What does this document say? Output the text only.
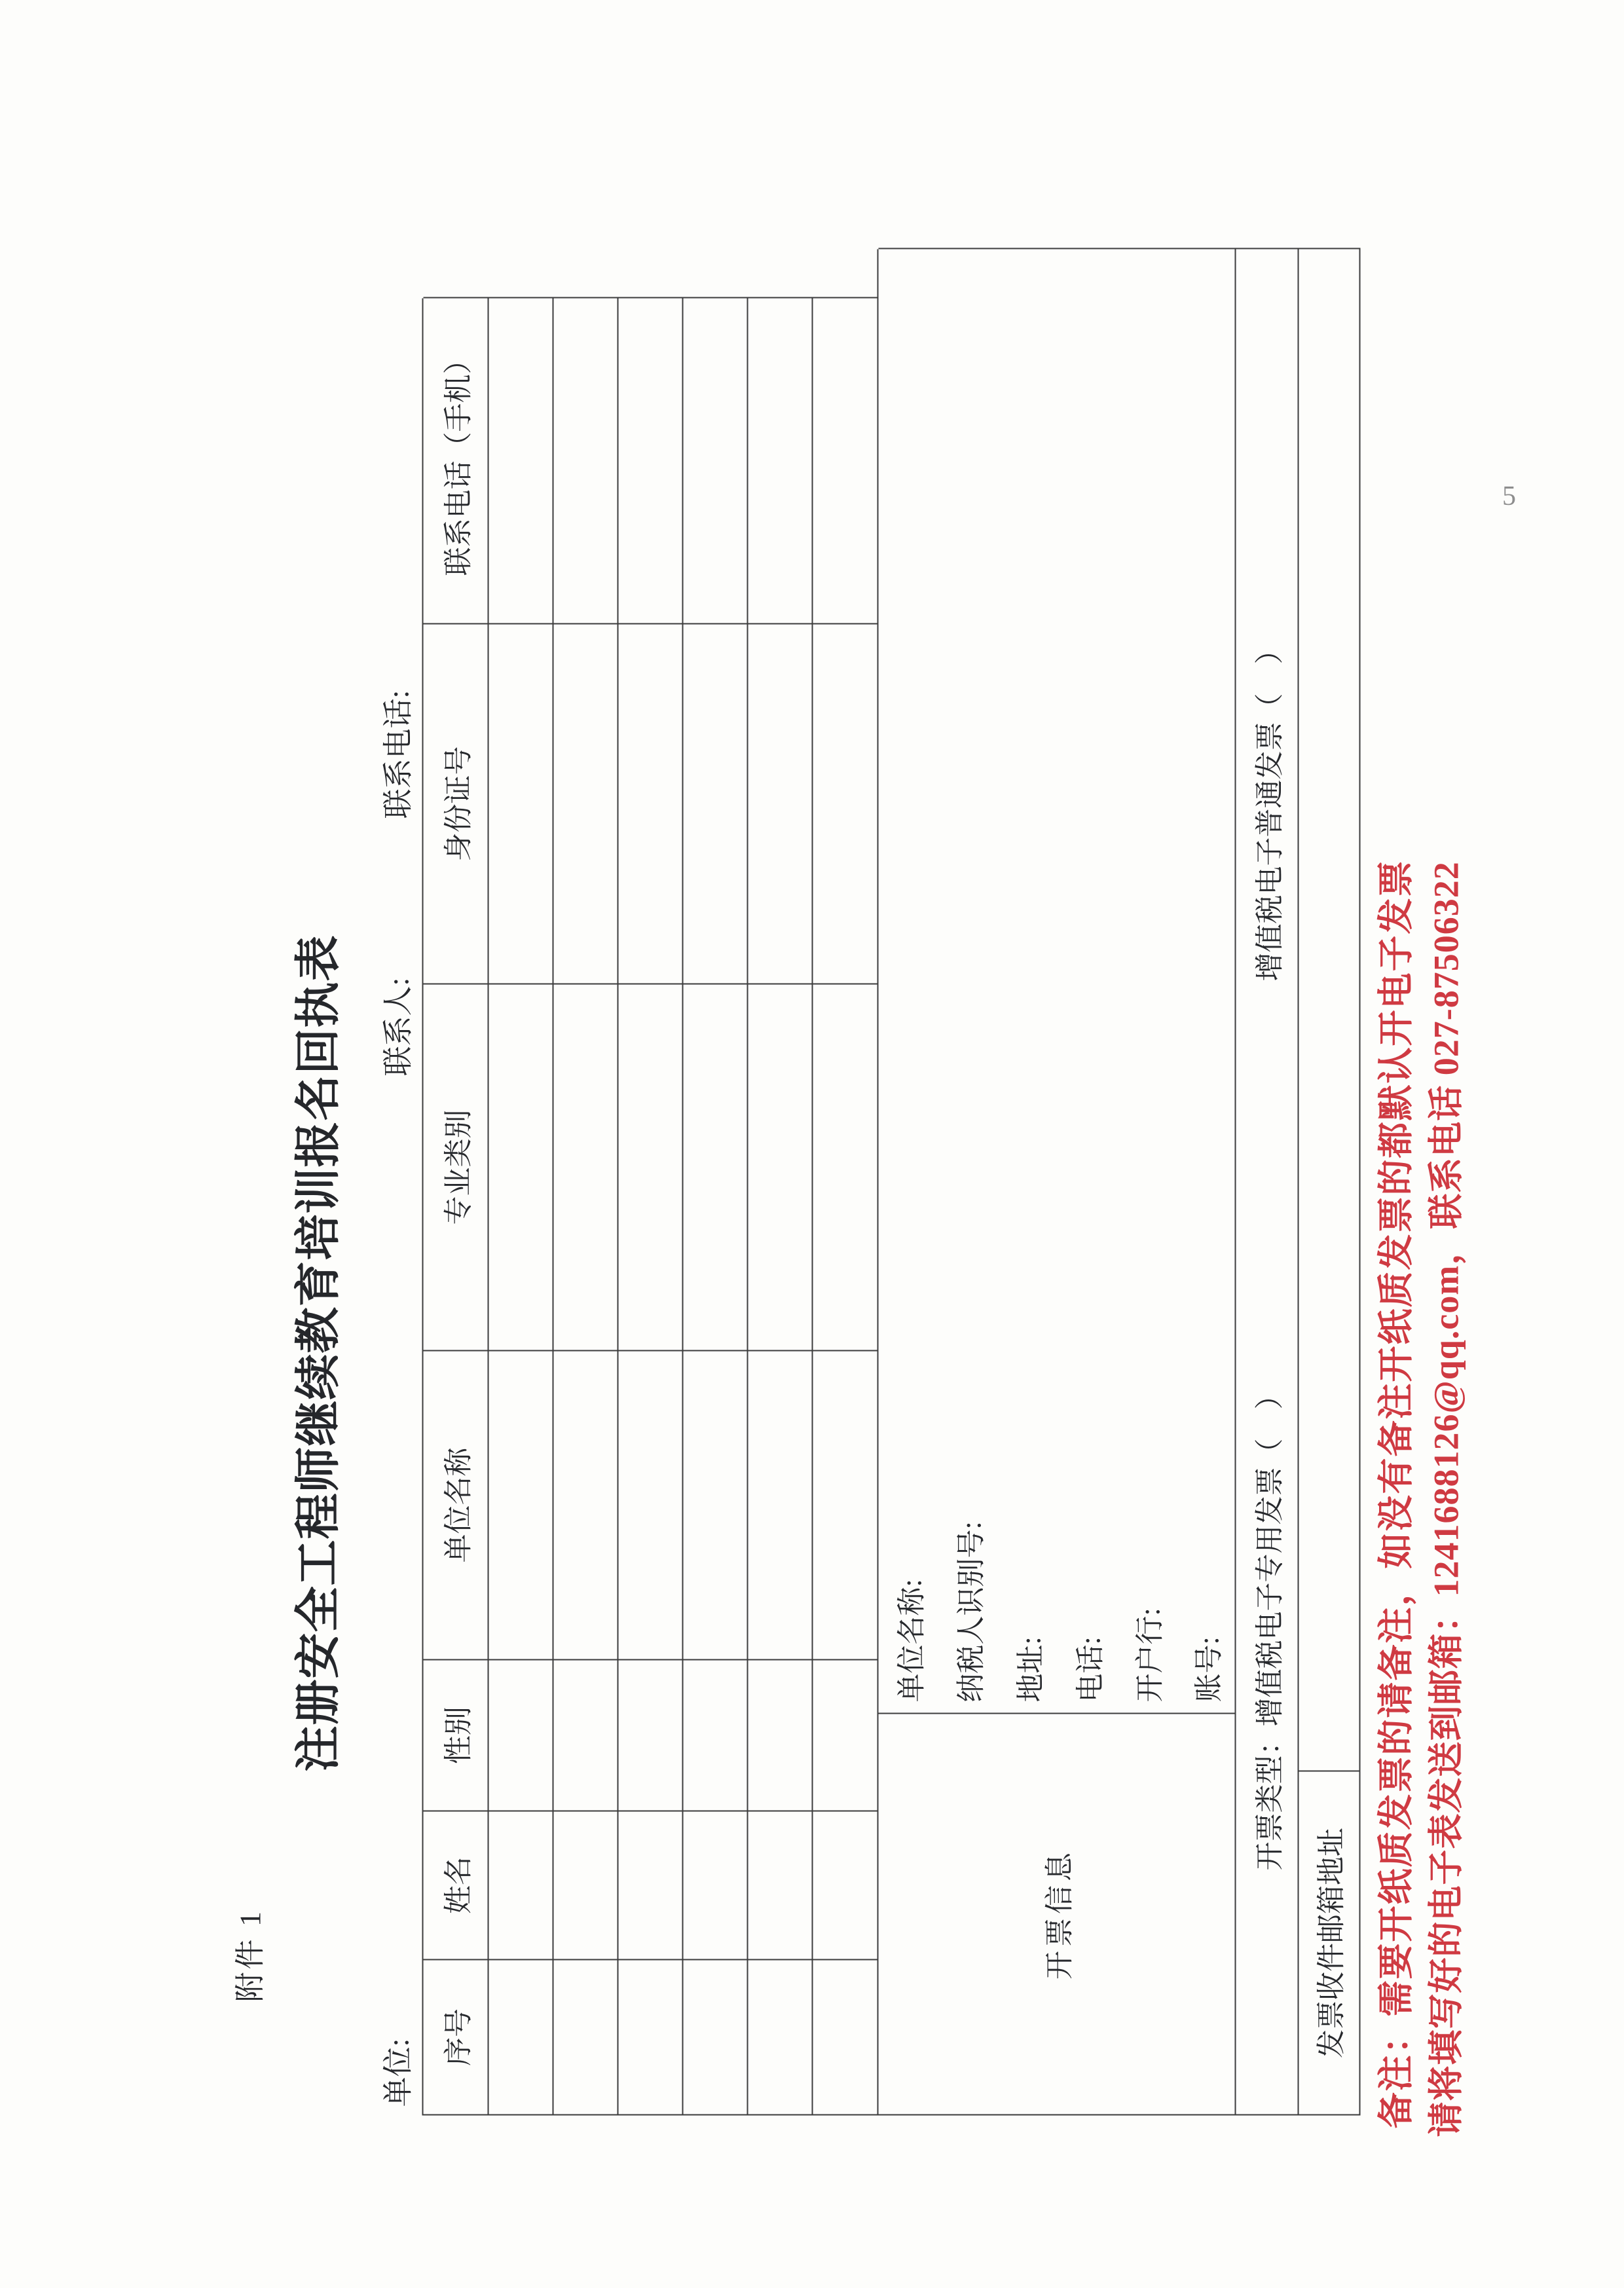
附件 1
注册安全工程师继续教育培训报名回执表
单位:
联系人:
联系电话:
序号
姓名
性别
单位名称
专业类别
身份证号
联系电话（手机）
开票信息
单位名称: 纳税人识别号: 地址: 电话: 开户行: 账号:	开票类型：增值税电子专用发票（　）
增值税电子普通发票（　）
发票收件邮箱地址 备注：需要开纸质发票的请备注，如没有备注开纸质发票的都默认开电子发票 请将填写好的电子表发送到邮箱：1241688126@qq.com，联系电话 027-87506322
5
